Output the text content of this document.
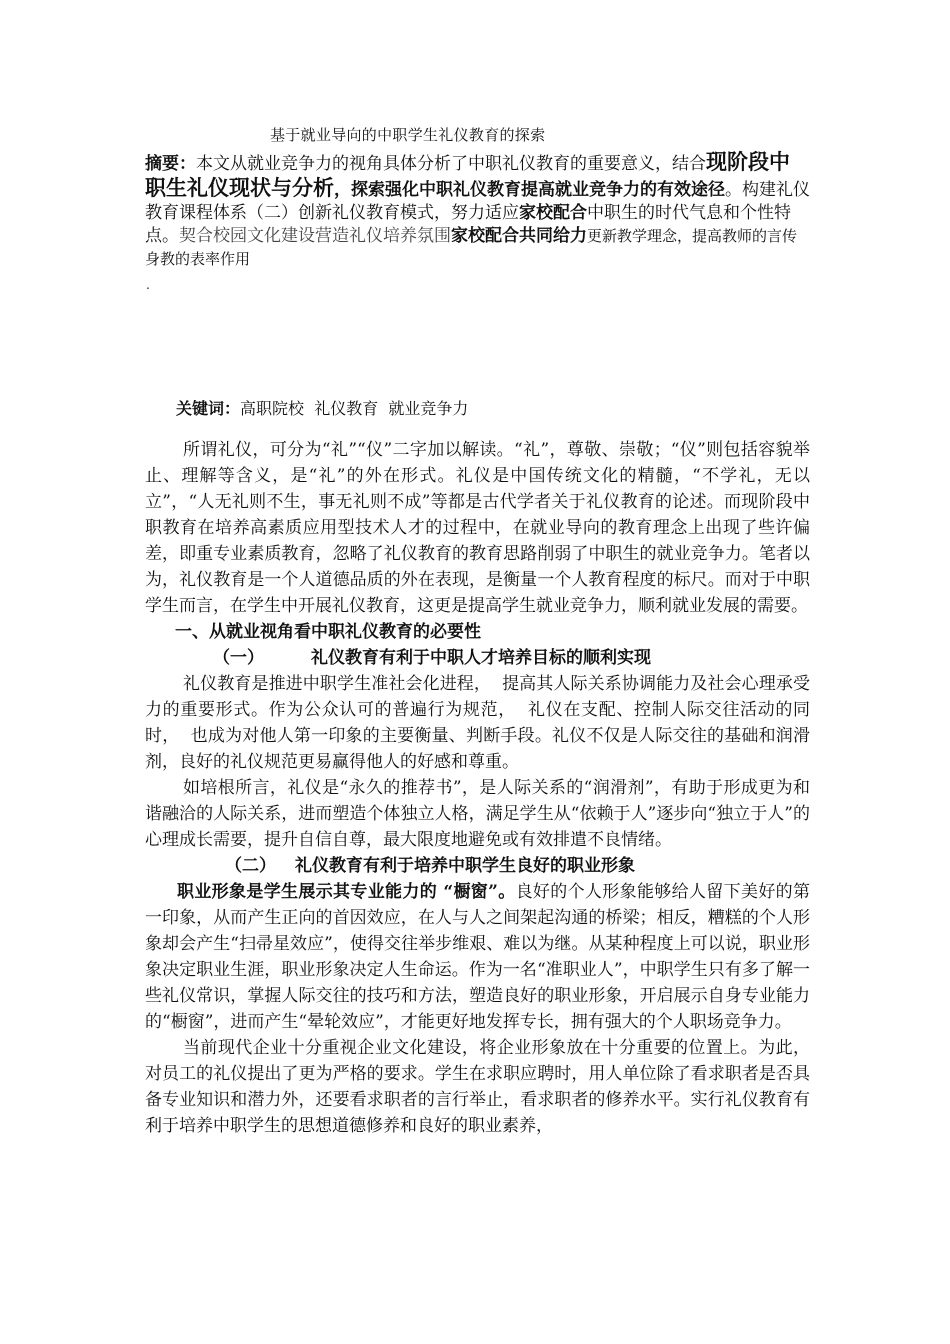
基于就业导向的中职学生礼仪教育的探索
摘要：本文从就业竞争力的视角具体分析了中职礼仪教育的重要意义，结合现阶段中职生礼仪现状与分析，探索强化中职礼仪教育提高就业竞争力的有效途径。构建礼仪教育课程体系（二）创新礼仪教育模式，努力适应家校配合中职生的时代气息和个性特点。契合校园文化建设营造礼仪培养氛围家校配合共同给力更新教学理念，提高教师的言传身教的表率作用
.
关键词：高职院校  礼仪教育  就业竞争力

所谓礼仪，可分为“礼”“仪”二字加以解读。“礼”，尊敬、崇敬；“仪”则包括容貌举止、理解等含义，是“礼”的外在形式。礼仪是中国传统文化的精髓，“不学礼，无以立”，“人无礼则不生，事无礼则不成”等都是古代学者关于礼仪教育的论述。而现阶段中职教育在培养高素质应用型技术人才的过程中，在就业导向的教育理念上出现了些许偏差，即重专业素质教育，忽略了礼仪教育的教育思路削弱了中职生的就业竞争力。笔者以为，礼仪教育是一个人道德品质的外在表现，是衡量一个人教育程度的标尺。而对于中职学生而言，在学生中开展礼仪教育，这更是提高学生就业竞争力，顺利就业发展的需要。

一、从就业视角看中职礼仪教育的必要性

（一）	礼仪教育有利于中职人才培养目标的顺利实现

礼仪教育是推进中职学生准社会化进程，  提高其人际关系协调能力及社会心理承受力的重要形式。作为公众认可的普遍行为规范，  礼仪在支配、控制人际交往活动的同时，  也成为对他人第一印象的主要衡量、判断手段。礼仪不仅是人际交往的基础和润滑剂，良好的礼仪规范更易赢得他人的好感和尊重。

如培根所言，礼仪是“永久的推荐书”，是人际关系的“润滑剂”，有助于形成更为和谐融洽的人际关系，进而塑造个体独立人格，满足学生从“依赖于人”逐步向“独立于人”的心理成长需要，提升自信自尊，最大限度地避免或有效排遣不良情绪。

（二） 礼仪教育有利于培养中职学生良好的职业形象

职业形象是学生展示其专业能力的 “橱窗”。良好的个人形象能够给人留下美好的第一印象，从而产生正向的首因效应，在人与人之间架起沟通的桥梁；相反，糟糕的个人形象却会产生“扫帚星效应”，使得交往举步维艰、难以为继。从某种程度上可以说，职业形象决定职业生涯，职业形象决定人生命运。作为一名“准职业人”，中职学生只有多了解一些礼仪常识，掌握人际交往的技巧和方法，塑造良好的职业形象，开启展示自身专业能力的“橱窗”，进而产生“晕轮效应”，才能更好地发挥专长，拥有强大的个人职场竞争力。

当前现代企业十分重视企业文化建设，将企业形象放在十分重要的位置上。为此，对员工的礼仪提出了更为严格的要求。学生在求职应聘时，用人单位除了看求职者是否具备专业知识和潜力外，还要看求职者的言行举止，看求职者的修养水平。实行礼仪教育有利于培养中职学生的思想道德修养和良好的职业素养，
